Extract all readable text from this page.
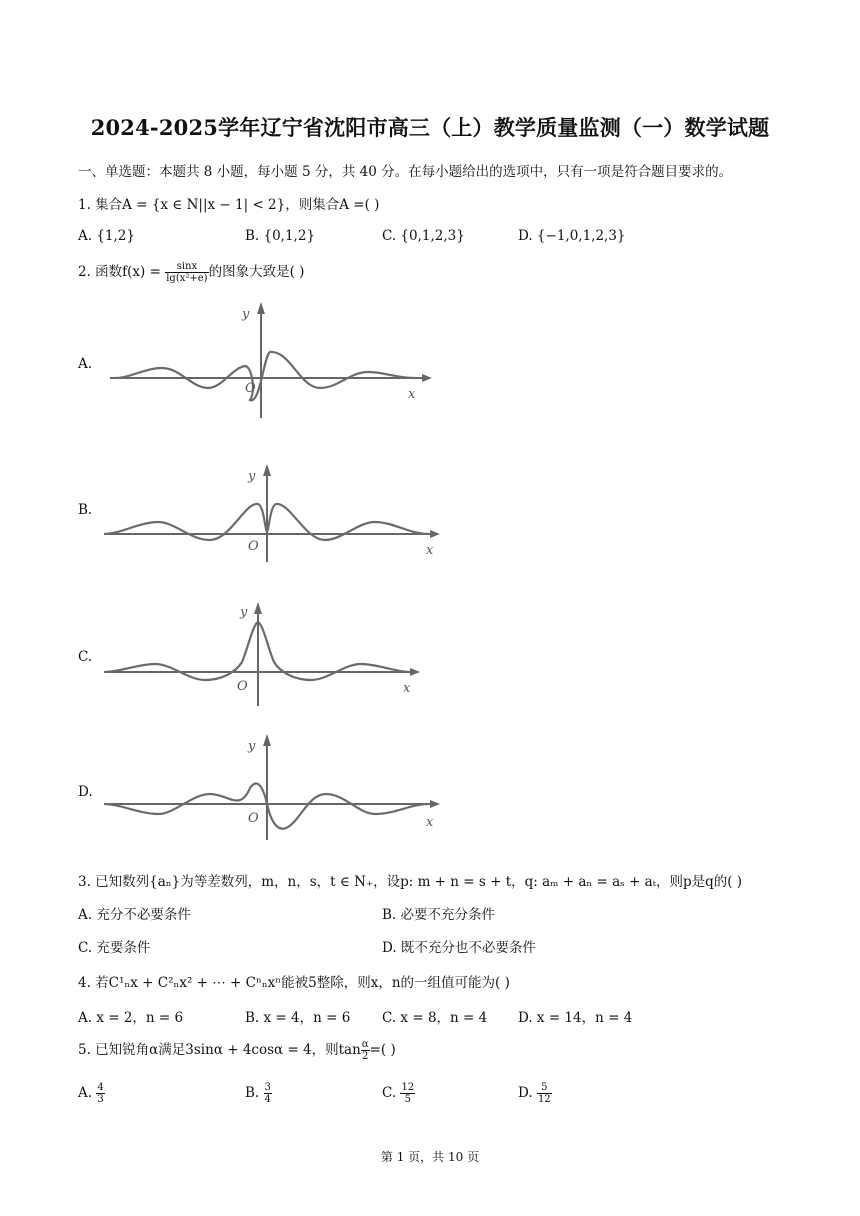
2024-2025学年辽宁省沈阳市高三（上）教学质量监测（一）数学试题
一、单选题：本题共 8 小题，每小题 5 分，共 40 分。在每小题给出的选项中，只有一项是符合题目要求的。
1. 集合A = {x ∈ N||x − 1| < 2}，则集合A =( )
A. {1,2}	B. {0,1,2}	C. {0,1,2,3}	D. {−1,0,1,2,3}
2. 函数$f(x) = \frac{\sin x}{\text{lg(x²+e)}}$ 的图象大致是( )
A.
y
x
O
B.
y
x
O
C.
y
x
O
D.
y
x
O
3. 已知数列{aₙ}为等差数列，m，n，s，t ∈ N₊，设p: m + n = s + t，q: aₘ + aₙ = aₛ + aₜ，则p是q的( )
A. 充分不必要条件	B. 必要不充分条件
C. 充要条件	D. 既不充分也不必要条件
4. 若C¹ₙx + C²ₙx² + ⋯ + Cⁿₙxⁿ能被5整除，则x，n的一组值可能为( )
A. x = 2，n = 6	B. x = 4，n = 6 C. x = 8，n = 4 D. x = 14，n = 4
5. 已知锐角α满足3sinα + 4cosα = 4，则$\tan \frac{\alpha}{2}$ =( )
A. $\frac{4}{3}$	B. $\frac{3}{4}$	C. $\frac{12}{5}$	D. $\frac{5}{12}$
第 1 页，共 10 页
